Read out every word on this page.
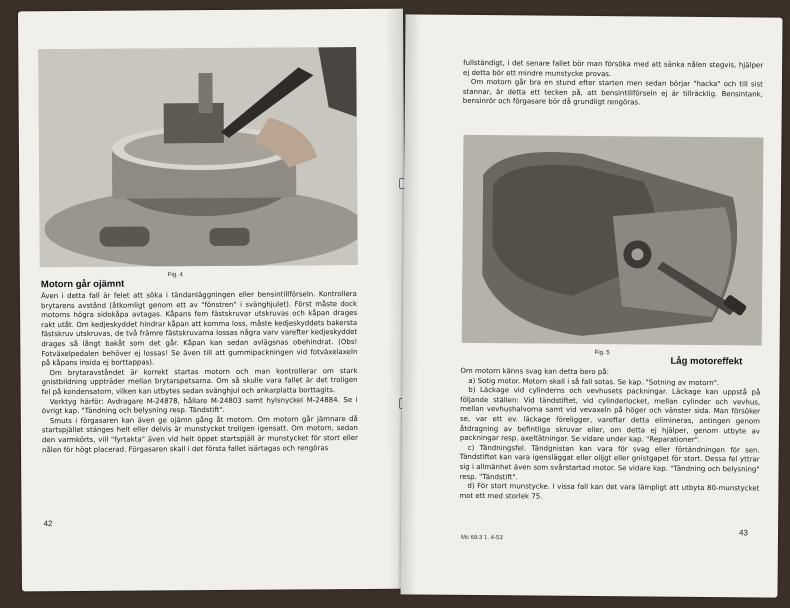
Fig. 4
Motorn går ojämnt

Även i detta fall är felet att söka i tändanläggningen eller bensintillförseln. Kontrollera brytarens avstånd (åtkomligt genom ett av "fönstren" i svänghjulet). Först måste dock motorns högra sidokåpa avtagas. Kåpans fem fästskruvar utskruvas och kåpan drages rakt utåt. Om kedjeskyddet hindrar kåpan att komma loss, måste kedjeskyddets bakersta fästskruv utskruvas, de två främre fästskruvarna lossas några varv varefter kedjeskyddet drages så långt bakåt som det går. Kåpan kan sedan avlägsnas obehindrat. (Obs! Fotväxelpedalen behöver ej lossas! Se även till att gummipackningen vid fotväxelaxeln på kåpans insida ej borttappas).

Om brytaravståndet är korrekt startas motorn och man kontrollerar om stark gnistbildning uppträder mellan brytarspetsarna. Om så skulle vara fallet är det troligen fel på kondensatorn, vilken kan utbytes sedan svänghjul och ankarplatta borttagits.

Verktyg härför: Avdragare M-24878, hållare M-24803 samt hylsnyckel M-24884. Se i övrigt kap. "Tändning och belysning resp. Tändstift".

Smuts i förgasaren kan även ge ojämn gång åt motorn. Om motorn går jämnare då startspjället stänges helt eller delvis är munstycket troligen igensatt. Om motorn, sedan den varmkörts, vill "fyrtakta" även vid helt öppet startspjäll är munstycket för stort eller nålen för högt placerad. Förgasaren skall i det första fallet isärtagas och rengöras

42

fullständigt, i det senare fallet bör man försöka med att sänka nålen stegvis, hjälper ej detta bör ett mindre munstycke provas.

Om motorn går bra en stund efter starten men sedan börjar "hacka" och till sist stannar, är detta ett tecken på, att bensintillförseln ej är tillräcklig. Bensintank, bensinrör och förgasare bör då grundligt rengöras.

Fig. 5
Låg motoreffekt

Om motorn känns svag kan detta bero på:

a) Sotig motor. Motorn skall i så fall sotas. Se kap. "Sotning av motorn".

b) Läckage vid cylinderns och vevhusets packningar. Läckage kan uppstå på följande ställen: Vid tändstiftet, vid cylinderlocket, mellan cylinder och vevhus, mellan vevhushalvorna samt vid vevaxeln på höger och vänster sida. Man försöker se, var ett ev. läckage föreligger, varefter detta elimineras, antingen genom åtdragning av befintliga skruvar eller, om detta ej hjälper, genom utbyte av packningar resp. axeltätningar. Se vidare under kap. "Reparationer".

c) Tändningsfel. Tändgnistan kan vara för svag eller förtändningen för sen. Tändstiftet kan vara igensläggat eller olijgt eller gnistgapet för stort. Dessa fel yttrar sig i allmänhet även som svårstartad motor. Se vidare kap. "Tändning och belysning" resp. "Tändstift".

d) För stort munstycke. I vissa fall kan det vara lämpligt att utbyta 80-munstycket mot ett med storlek 75.

Mc 69:3 1. 4-53
43
